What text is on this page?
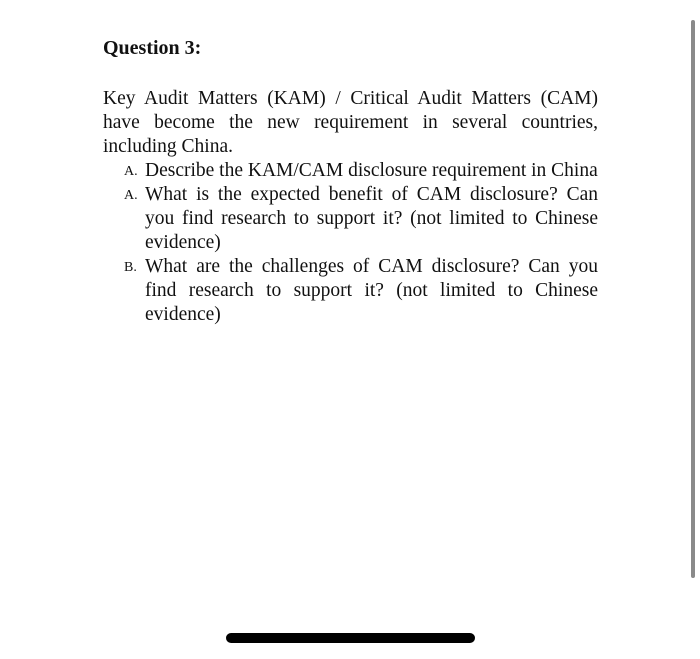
Question 3:

Key Audit Matters (KAM) / Critical Audit Matters (CAM) have become the new requirement in several countries, including China.

A. Describe the KAM/CAM disclosure requirement in China
A. What is the expected benefit of CAM disclosure? Can you find research to support it? (not limited to Chinese evidence)
B. What are the challenges of CAM disclosure? Can you find research to support it? (not limited to Chinese evidence)
